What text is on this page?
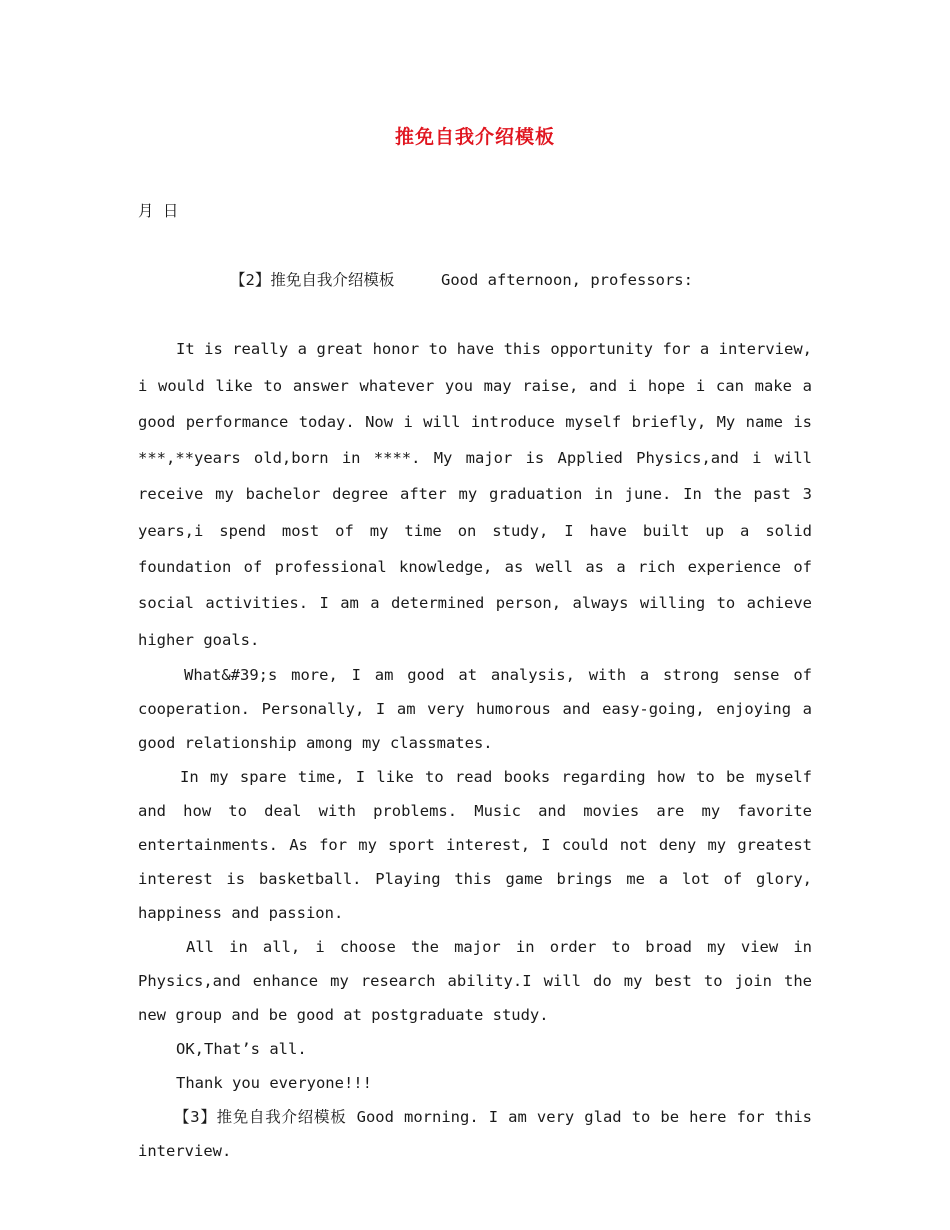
推免自我介绍模板
月 日

【2】推免自我介绍模板	Good afternoon, professors:

It is really a great honor to have this opportunity for a interview, i would like to answer whatever you may raise, and i hope i can make a good performance today. Now i will introduce myself briefly, My name is ***,**years old,born in ****. My major is Applied Physics,and i will receive my bachelor degree after my graduation in june. In the past 3 years,i spend most of my time on study, I have built up a solid foundation of professional knowledge, as well as a rich experience of social activities. I am a determined person, always willing to achieve higher goals.

What&#39;s more, I am good at analysis, with a strong sense of cooperation. Personally, I am very humorous and easy-going, enjoying a good relationship among my classmates.

In my spare time, I like to read books regarding how to be myself and how to deal with problems. Music and movies are my favorite entertainments. As for my sport interest, I could not deny my greatest interest is basketball. Playing this game brings me a lot of glory, happiness and passion.

All in all, i choose the major in order to broad my view in Physics,and enhance my research ability.I will do my best to join the new group and be good at postgraduate study.

OK,That’s all.
Thank you everyone!!!

【3】推免自我介绍模板 Good morning. I am very glad to be here for this interview.
